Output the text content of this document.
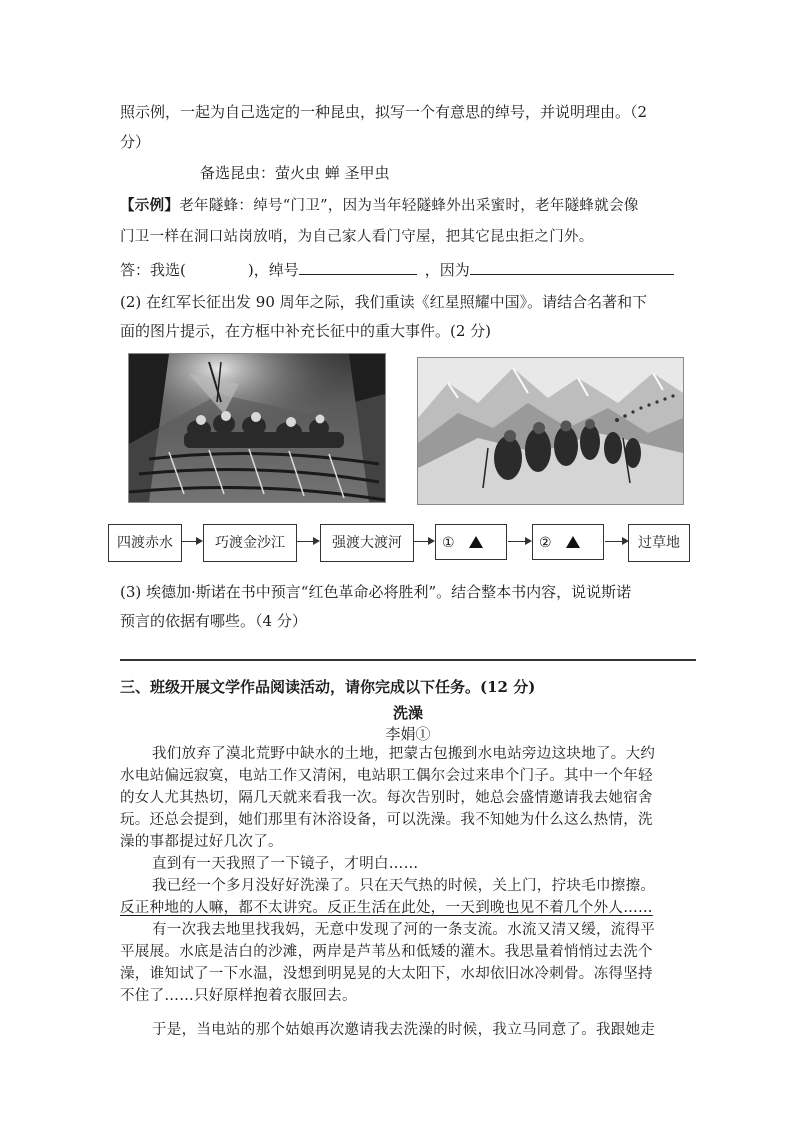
照示例，一起为自己选定的一种昆虫，拟写一个有意思的绰号，并说明理由。（2
分）
备选昆虫：萤火虫 蝉 圣甲虫
【示例】老年隧蜂：绰号“门卫”，因为当年轻隧蜂外出采蜜时，老年隧蜂就会像
门卫一样在洞口站岗放哨，为自己家人看门守屋，把其它昆虫拒之门外。
答：我选(	)，绰号	，因为
(2) 在红军长征出发 90 周年之际，我们重读《红星照耀中国》。请结合名著和下
面的图片提示，在方框中补充长征中的重大事件。(2 分)
四渡赤水	巧渡金沙江	强渡大渡河	①	②	过草地
(3) 埃德加·斯诺在书中预言“红色革命必将胜利”。结合整本书内容，说说斯诺
预言的依据有哪些。（4 分）
三、班级开展文学作品阅读活动，请你完成以下任务。(12 分)
洗澡
李娟①
我们放弃了漠北荒野中缺水的土地，把蒙古包搬到水电站旁边这块地了。大约
水电站偏远寂寞，电站工作又清闲，电站职工偶尔会过来串个门子。其中一个年轻
的女人尤其热切，隔几天就来看我一次。每次告别时，她总会盛情邀请我去她宿舍
玩。还总会提到，她们那里有沐浴设备，可以洗澡。我不知她为什么这么热情，洗
澡的事都提过好几次了。
直到有一天我照了一下镜子，才明白……
我已经一个多月没好好洗澡了。只在天气热的时候，关上门，拧块毛巾擦擦。
反正种地的人嘛，都不太讲究。反正生活在此处，一天到晚也见不着几个外人……
有一次我去地里找我妈，无意中发现了河的一条支流。水流又清又缓，流得平
平展展。水底是洁白的沙滩，两岸是芦苇丛和低矮的灌木。我思量着悄悄过去洗个
澡，谁知试了一下水温，没想到明晃晃的大太阳下，水却依旧冰冷刺骨。冻得坚持
不住了……只好原样抱着衣服回去。
于是，当电站的那个姑娘再次邀请我去洗澡的时候，我立马同意了。我跟她走
